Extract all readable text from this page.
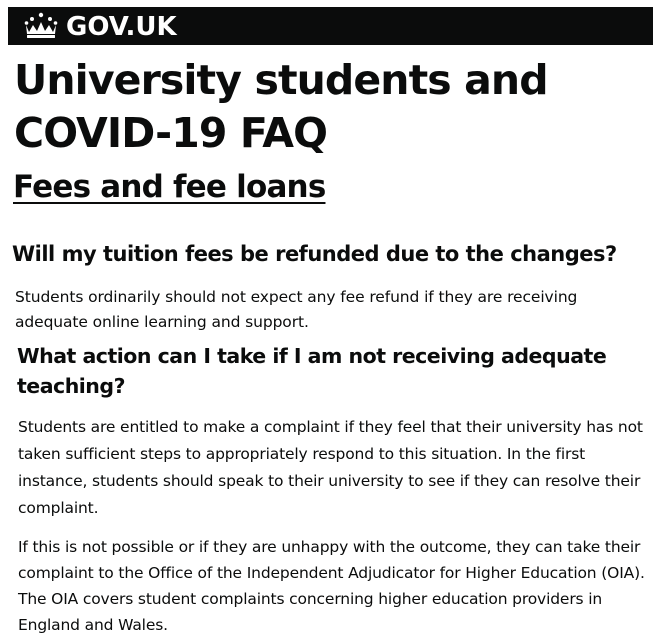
GOV.UK
University students and COVID-19 FAQ
Fees and fee loans
Will my tuition fees be refunded due to the changes?

Students ordinarily should not expect any fee refund if they are receiving adequate online learning and support.

What action can I take if I am not receiving adequate teaching?

Students are entitled to make a complaint if they feel that their university has not taken sufficient steps to appropriately respond to this situation. In the first instance, students should speak to their university to see if they can resolve their complaint.

If this is not possible or if they are unhappy with the outcome, they can take their complaint to the Office of the Independent Adjudicator for Higher Education (OIA). The OIA covers student complaints concerning higher education providers in England and Wales.
